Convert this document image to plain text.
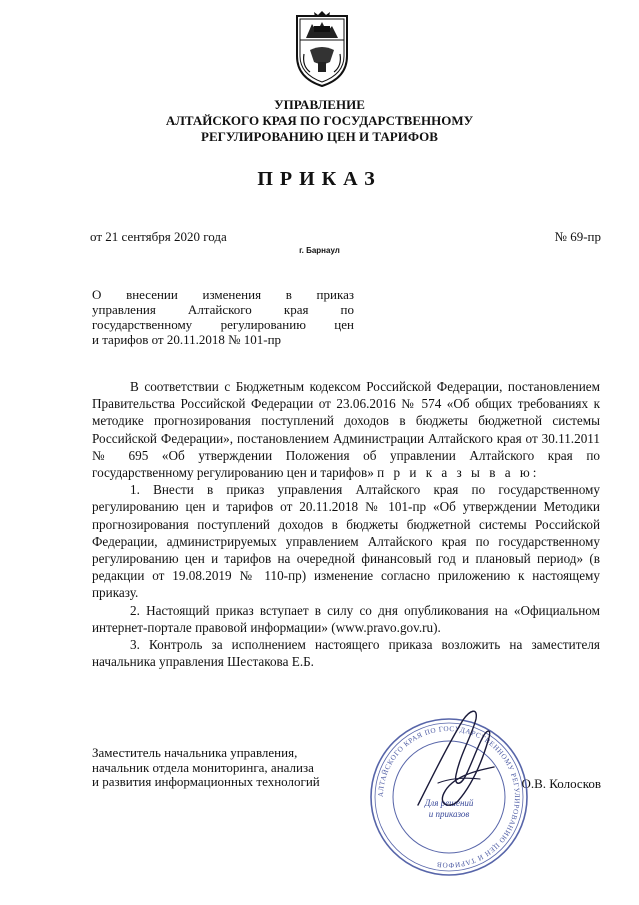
УПРАВЛЕНИЕ
АЛТАЙСКОГО КРАЯ ПО ГОСУДАРСТВЕННОМУ
РЕГУЛИРОВАНИЮ ЦЕН И ТАРИФОВ
ПРИКАЗ
от 21 сентября 2020 года	№ 69-пр
г. Барнаул
О внесении изменения в приказ
управления Алтайского края по
государственному регулированию цен
и тарифов от 20.11.2018 № 101-пр

В соответствии с Бюджетным кодексом Российской Федерации, постановлением Правительства Российской Федерации от 23.06.2016 № 574 «Об общих требованиях к методике прогнозирования поступлений доходов в бюджеты бюджетной системы Российской Федерации», постановлением Администрации Алтайского края от 30.11.2011 № 695 «Об утверждении Положения об управлении Алтайского края по государственному регулированию цен и тарифов» п р и к а з ы в а ю:

1. Внести в приказ управления Алтайского края по государственному регулированию цен и тарифов от 20.11.2018 № 101-пр «Об утверждении Методики прогнозирования поступлений доходов в бюджеты бюджетной системы Российской Федерации, администрируемых управлением Алтайского края по государственному регулированию цен и тарифов на очередной финансовый год и плановый период» (в редакции от 19.08.2019 № 110-пр) изменение согласно приложению к настоящему приказу.

2. Настоящий приказ вступает в силу со дня опубликования на «Официальном интернет-портале правовой информации» (www.pravo.gov.ru).

3. Контроль за исполнением настоящего приказа возложить на заместителя начальника управления Шестакова Е.Б.

Заместитель начальника управления,
начальник отдела мониторинга, анализа
и развития информационных технологий	О.В. Колосков
АЛТАЙСКОГО КРАЯ ПО ГОСУДАРСТВЕННОМУ РЕГУЛИРОВАНИЮ ЦЕН И ТАРИФОВ
Для решений
и приказов
